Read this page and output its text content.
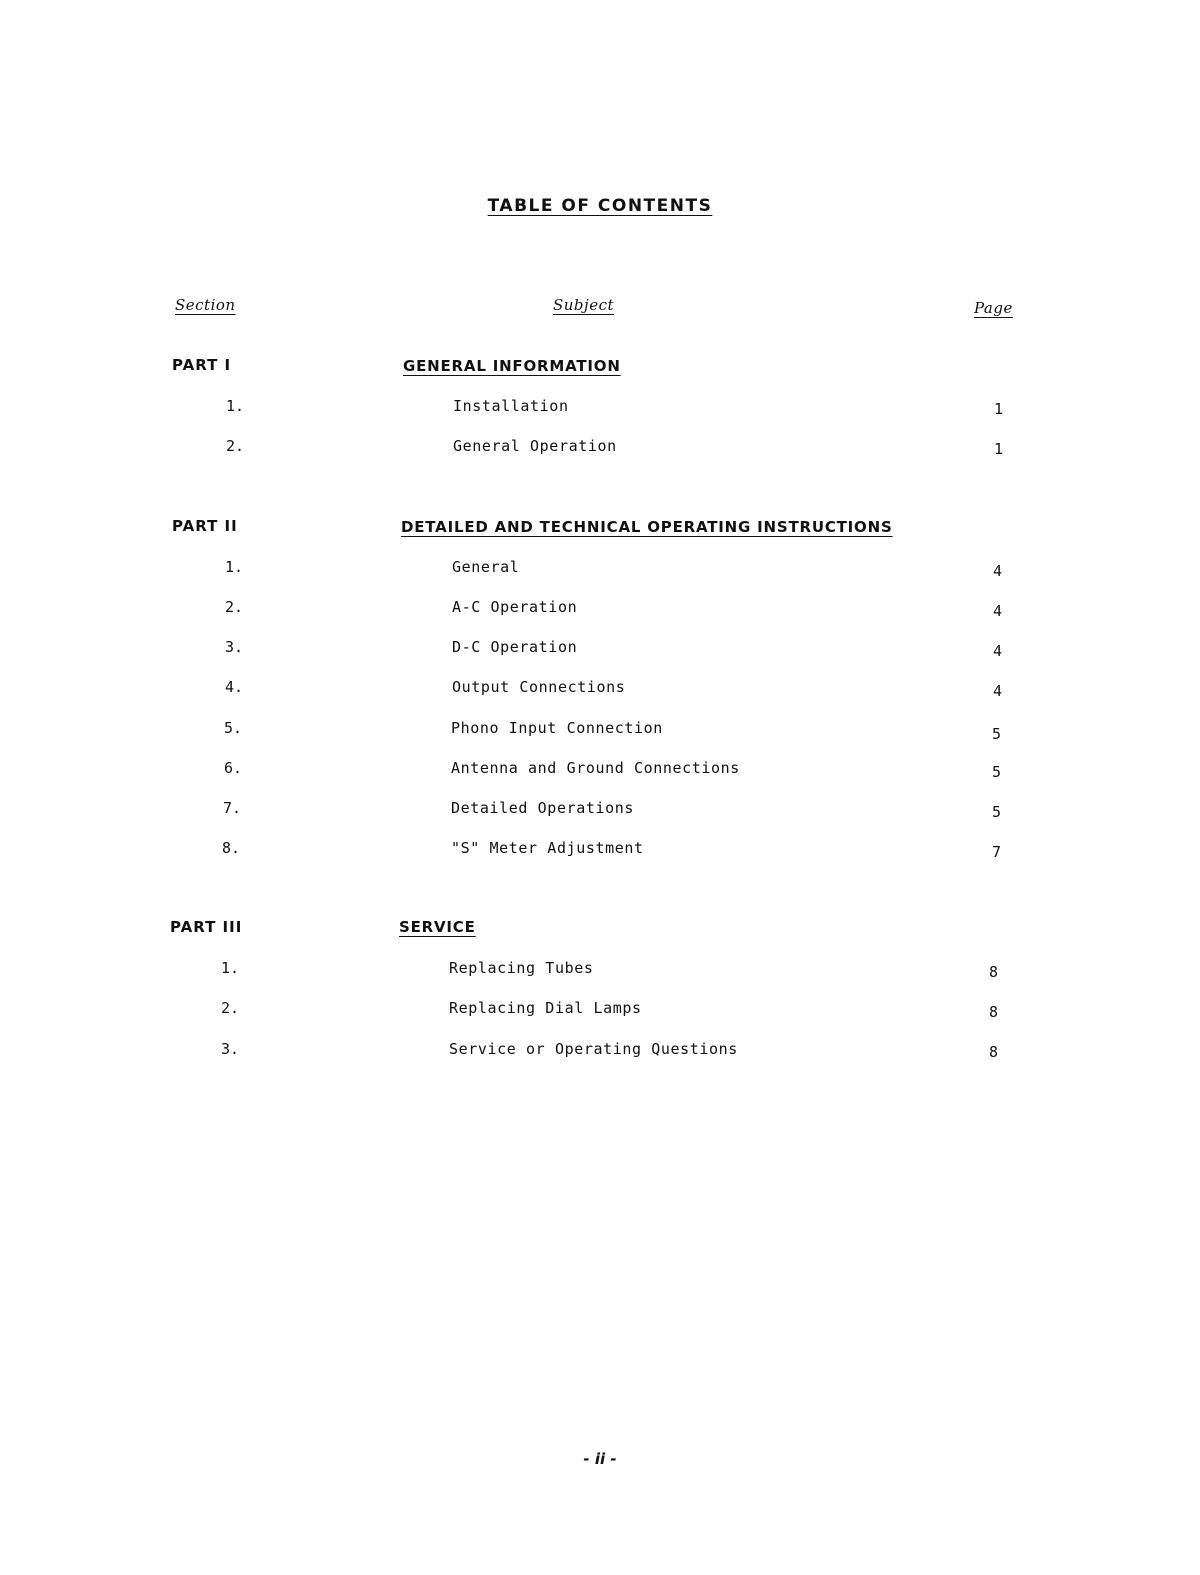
TABLE OF CONTENTS
Section	Subject	Page
PART I	GENERAL INFORMATION
1.	Installation	1
2.	General Operation	1
PART II	DETAILED AND TECHNICAL OPERATING INSTRUCTIONS
1.	General	4
2.	A-C Operation	4
3.	D-C Operation	4
4.	Output Connections	4
5.	Phono Input Connection	5
6.	Antenna and Ground Connections	5
7.	Detailed Operations	5
8.	"S" Meter Adjustment	7
PART III	SERVICE
1.	Replacing Tubes	8
2.	Replacing Dial Lamps	8
3.	Service or Operating Questions	8
- ii -
